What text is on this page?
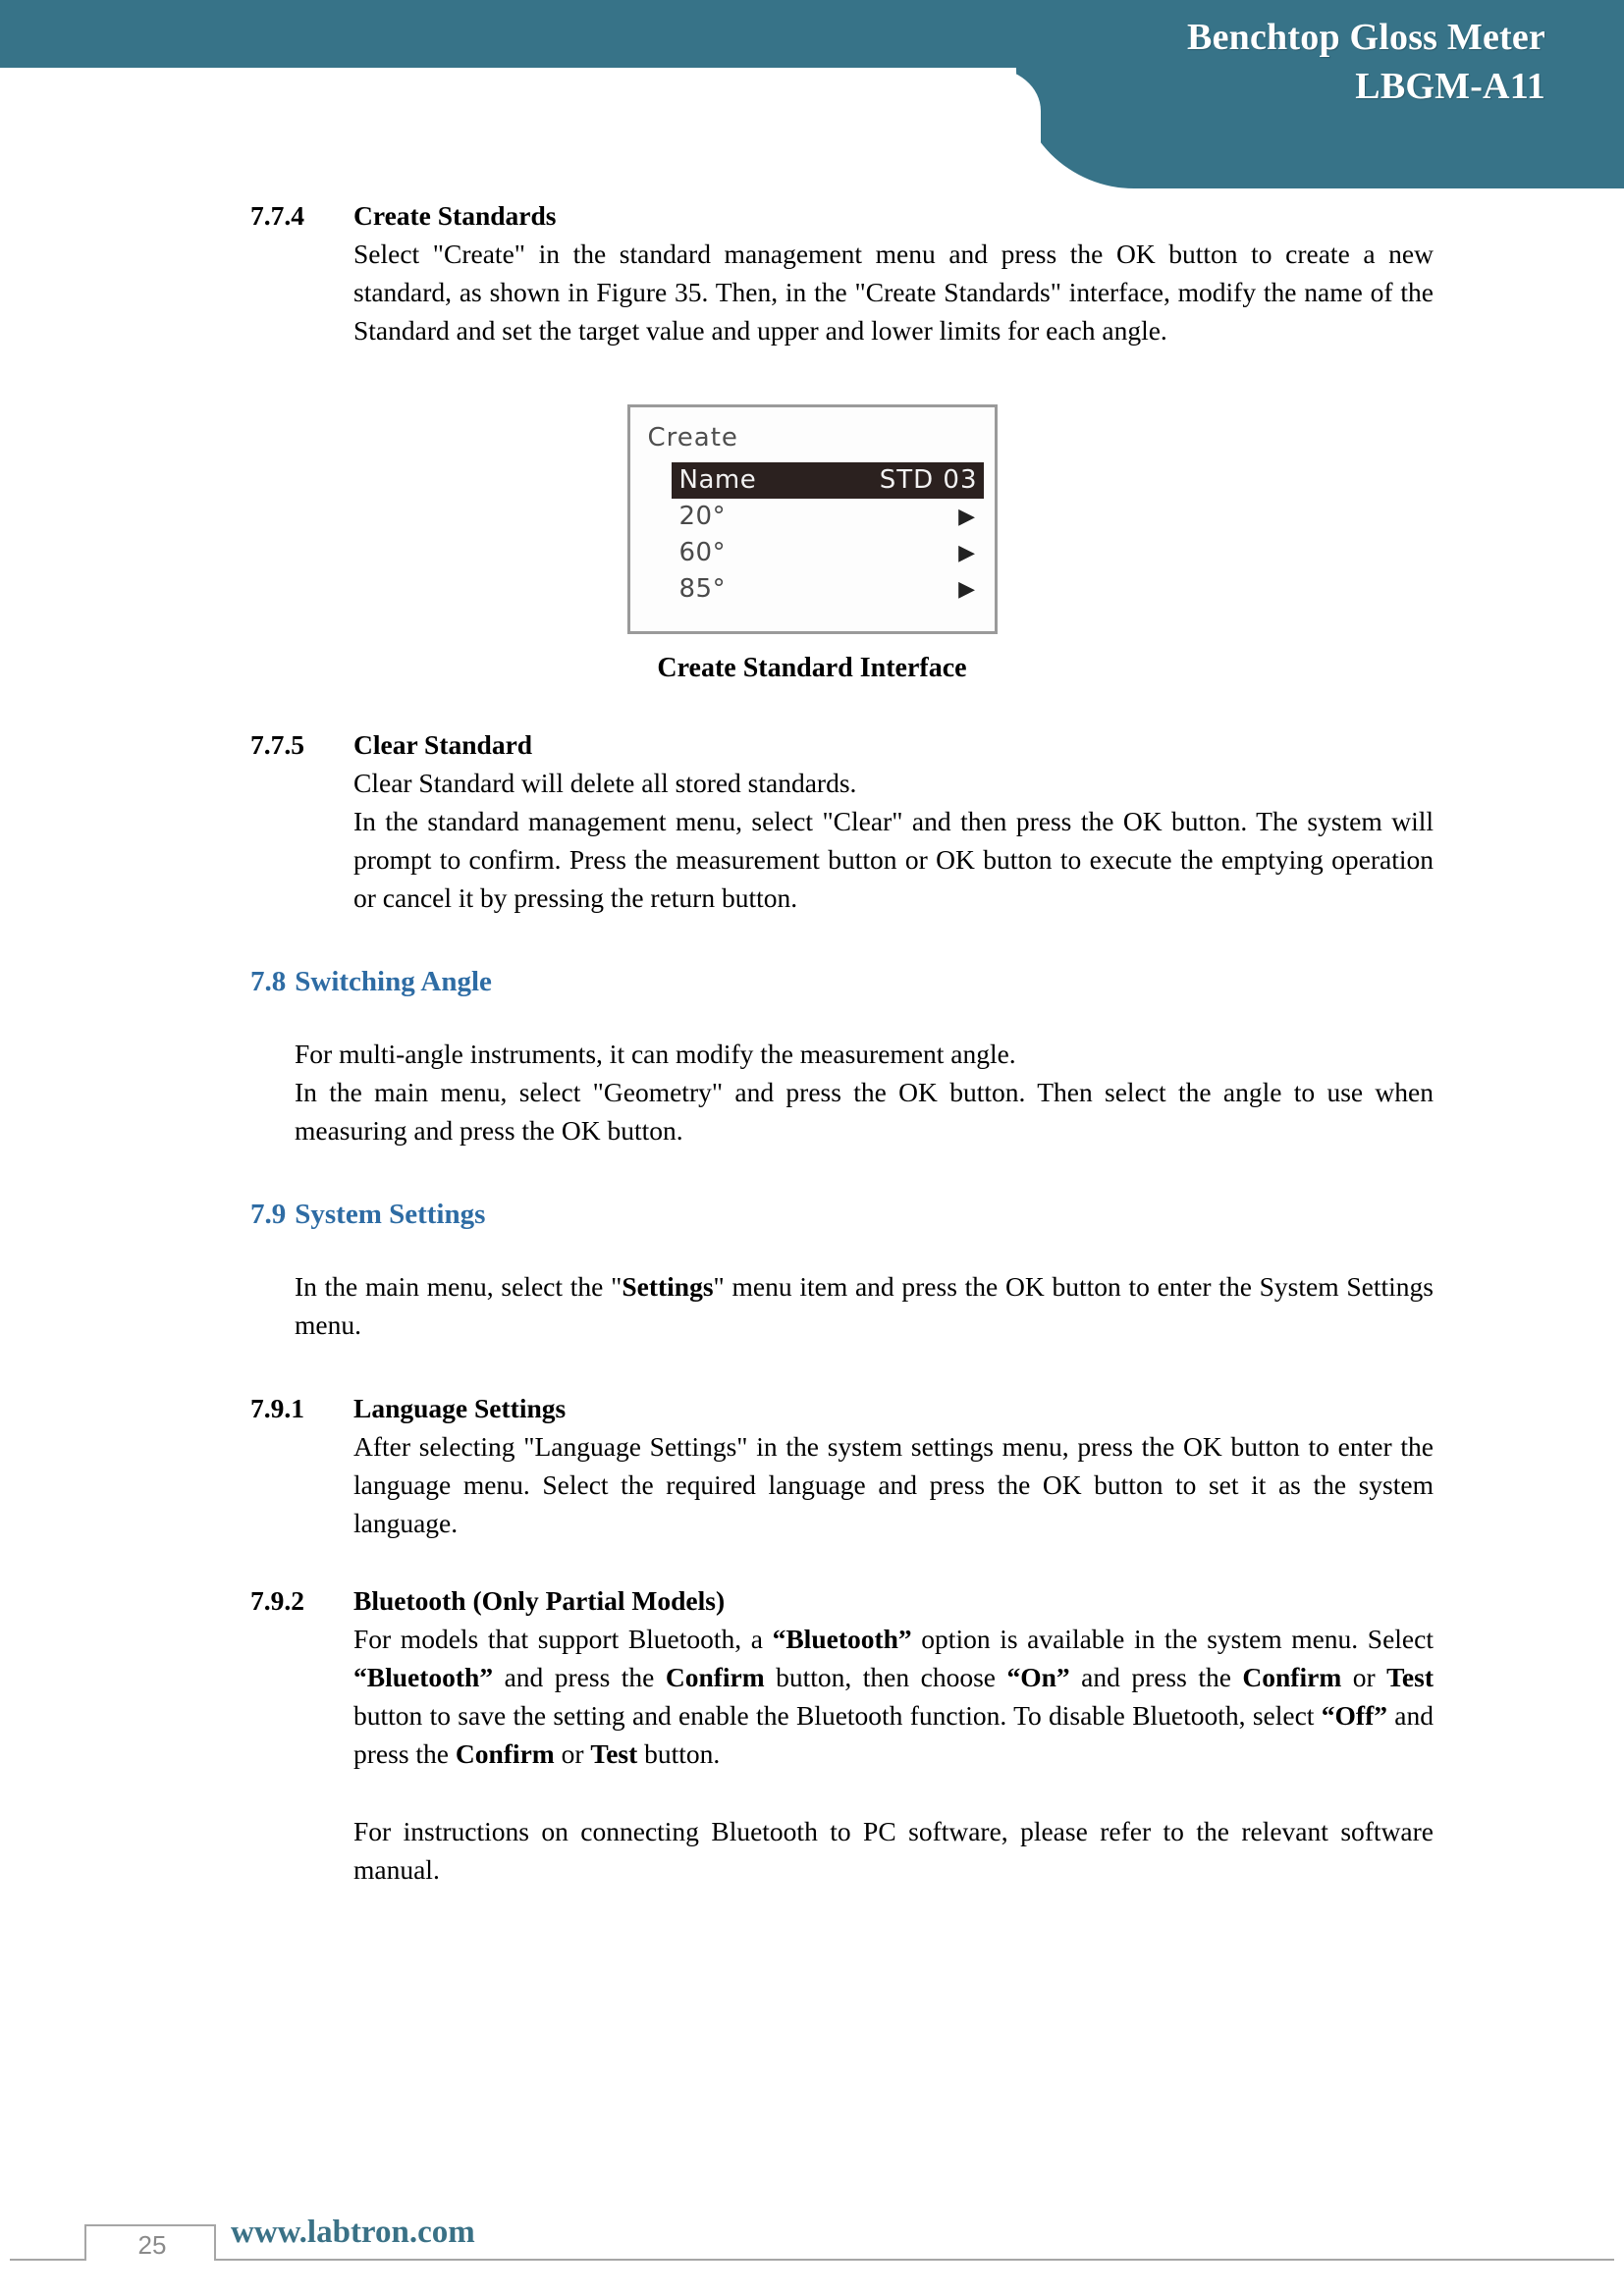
Benchtop Gloss Meter
LBGM-A11
7.7.4	Create Standards

Select "Create" in the standard management menu and press the OK button to create a new standard, as shown in Figure 35. Then, in the "Create Standards" interface, modify the name of the Standard and set the target value and upper and lower limits for each angle.

Create
Name	STD 03
20°	▶
60°	▶
85°	▶
Create Standard Interface
7.7.5	Clear Standard

Clear Standard will delete all stored standards.

In the standard management menu, select "Clear" and then press the OK button. The system will prompt to confirm. Press the measurement button or OK button to execute the emptying operation or cancel it by pressing the return button.

7.8 Switching Angle

For multi-angle instruments, it can modify the measurement angle.

In the main menu, select "Geometry" and press the OK button. Then select the angle to use when measuring and press the OK button.

7.9 System Settings

In the main menu, select the "Settings" menu item and press the OK button to enter the System Settings menu.

7.9.1	Language Settings

After selecting "Language Settings" in the system settings menu, press the OK button to enter the language menu. Select the required language and press the OK button to set it as the system language.

7.9.2	Bluetooth (Only Partial Models)

For models that support Bluetooth, a “Bluetooth” option is available in the system menu. Select “Bluetooth” and press the Confirm button, then choose “On” and press the Confirm or Test button to save the setting and enable the Bluetooth function. To disable Bluetooth, select “Off” and press the Confirm or Test button.

For instructions on connecting Bluetooth to PC software, please refer to the relevant software manual.

25	www.labtron.com
